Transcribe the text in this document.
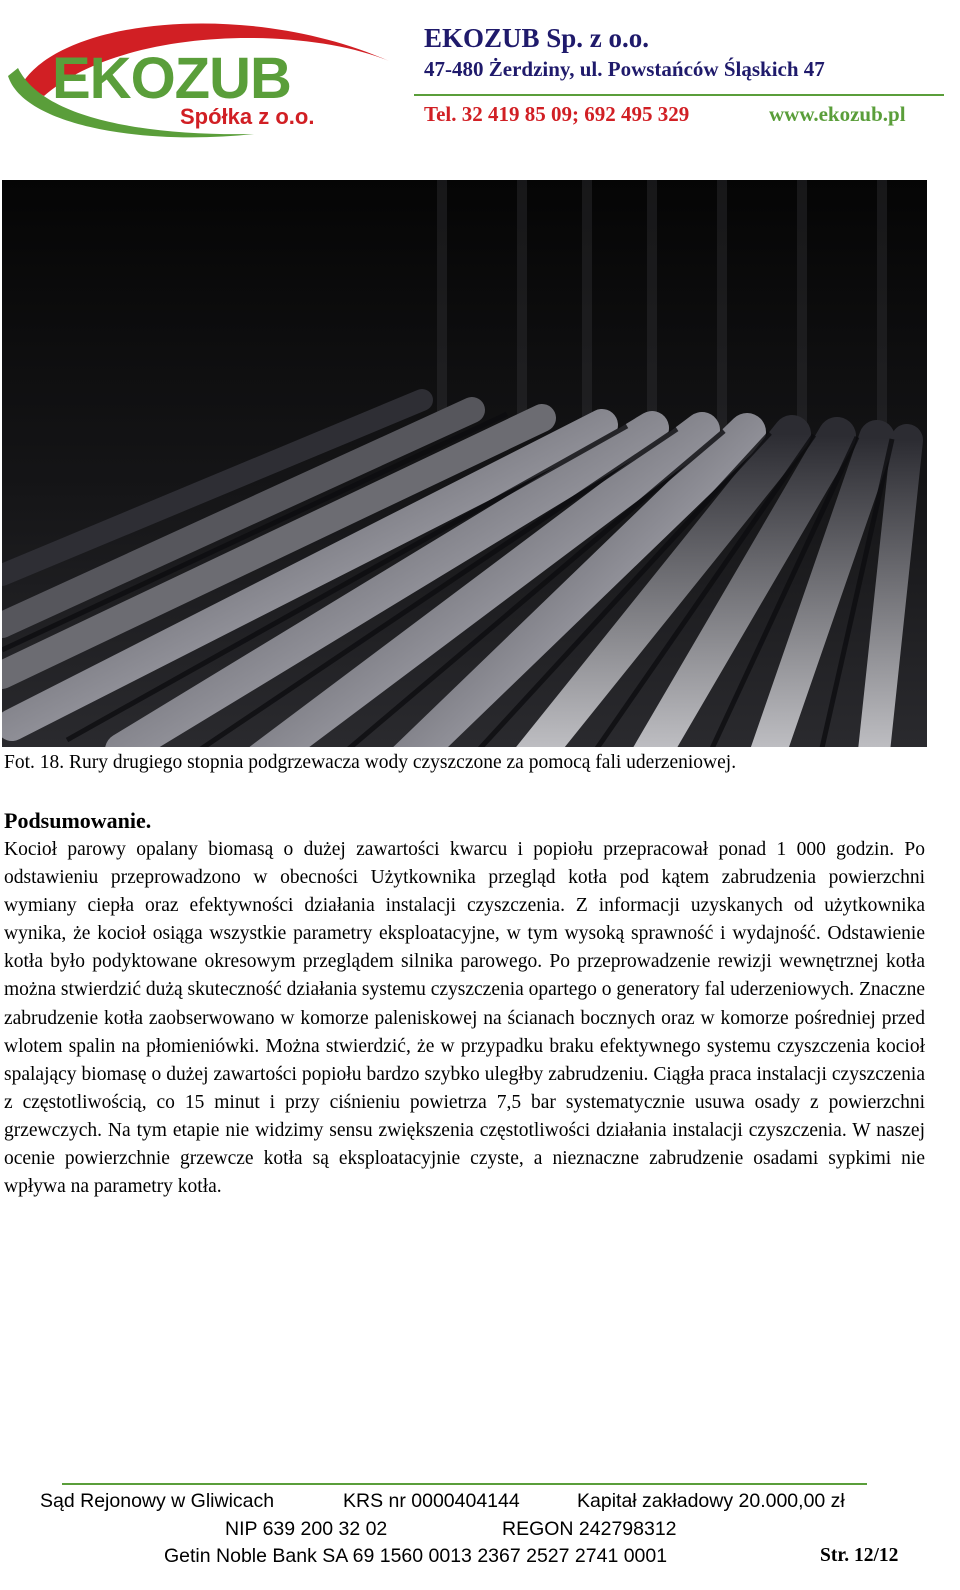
EKOZUB
Spółka z o.o.
EKOZUB Sp. z o.o.
47-480 Żerdziny, ul. Powstańców Śląskich 47
Tel. 32 419 85 09; 692 495 329	www.ekozub.pl
Fot. 18. Rury drugiego stopnia podgrzewacza wody czyszczone za pomocą fali uderzeniowej.
Podsumowanie.
Kocioł parowy opalany biomasą o dużej zawartości kwarcu i popiołu przepracował ponad 1 000 godzin. Po odstawieniu przeprowadzono w obecności Użytkownika przegląd kotła pod kątem zabrudzenia powierzchni wymiany ciepła oraz efektywności działania instalacji czyszczenia. Z informacji uzyskanych od użytkownika wynika, że kocioł osiąga wszystkie parametry eksploatacyjne, w tym wysoką sprawność i wydajność. Odstawienie kotła było podyktowane okresowym przeglądem silnika parowego. Po przeprowadzenie rewizji wewnętrznej kotła można stwierdzić dużą skuteczność działania systemu czyszczenia opartego o generatory fal uderzeniowych. Znaczne zabrudzenie kotła zaobserwowano w komorze paleniskowej na ścianach bocznych oraz w komorze pośredniej przed wlotem spalin na płomieniówki. Można stwierdzić, że w przypadku braku efektywnego systemu czyszczenia kocioł spalający biomasę o dużej zawartości popiołu bardzo szybko uległby zabrudzeniu. Ciągła praca instalacji czyszczenia z częstotliwością, co 15 minut i przy ciśnieniu powietrza 7,5 bar systematycznie usuwa osady z powierzchni grzewczych. Na tym etapie nie widzimy sensu zwiększenia częstotliwości działania instalacji czyszczenia. W naszej ocenie powierzchnie grzewcze kotła są eksploatacyjnie czyste, a nieznaczne zabrudzenie osadami sypkimi nie wpływa na parametry kotła.
Sąd Rejonowy w Gliwicach	KRS nr 0000404144	Kapitał zakładowy 20.000,00 zł
NIP 639 200 32 02	REGON 242798312
Getin Noble Bank SA 69 1560 0013 2367 2527 2741 0001	Str. 12/12
